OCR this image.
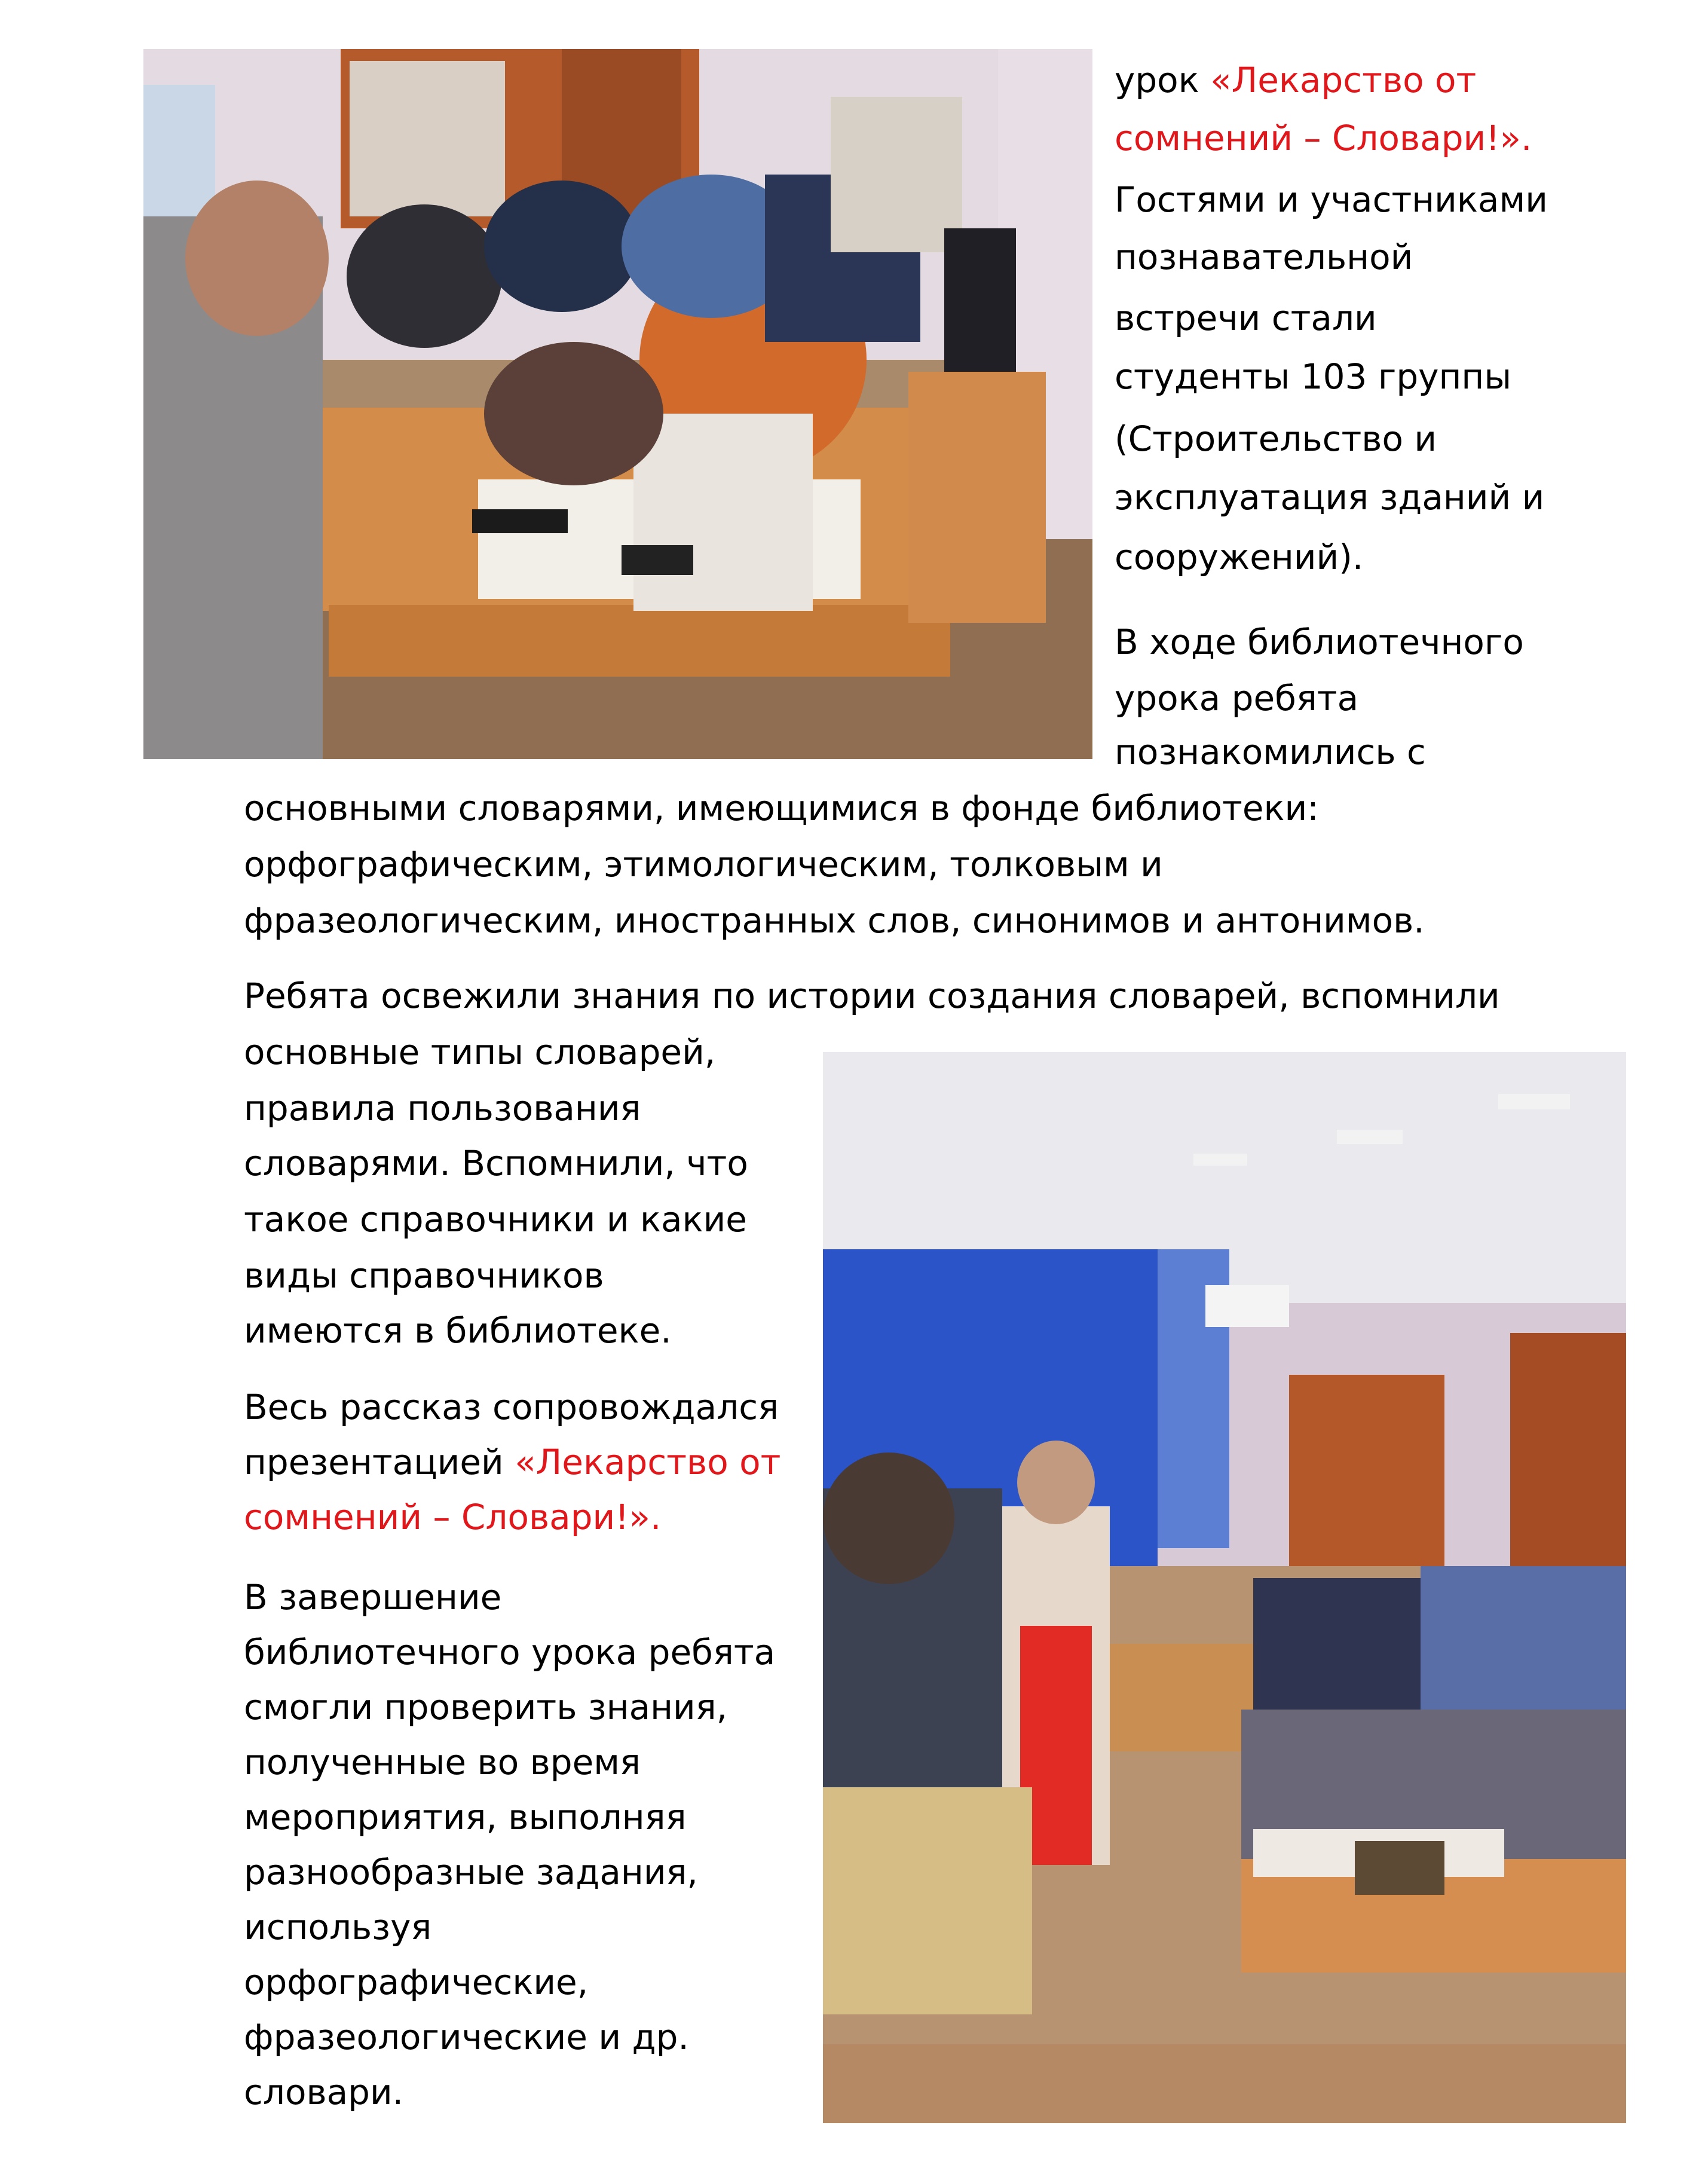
урок «Лекарство от

сомнений – Словари!».

Гостями и участниками

познавательной

встречи стали

студенты 103 группы

(Строительство и

эксплуатация зданий и

сооружений).

В ходе библиотечного

урока ребята

познакомились с

основными словарями, имеющимися в фонде библиотеки:

орфографическим, этимологическим, толковым и

фразеологическим, иностранных слов, синонимов и антонимов.

Ребята освежили знания по истории создания словарей, вспомнили

основные типы словарей,

правила пользования

словарями. Вспомнили, что

такое справочники и какие

виды справочников

имеются в библиотеке.

Весь рассказ сопровождался

презентацией «Лекарство от

сомнений – Словари!».

В завершение

библиотечного урока ребята

смогли проверить знания,

полученные во время

мероприятия, выполняя

разнообразные задания,

используя

орфографические,

фразеологические и др.

словари.
